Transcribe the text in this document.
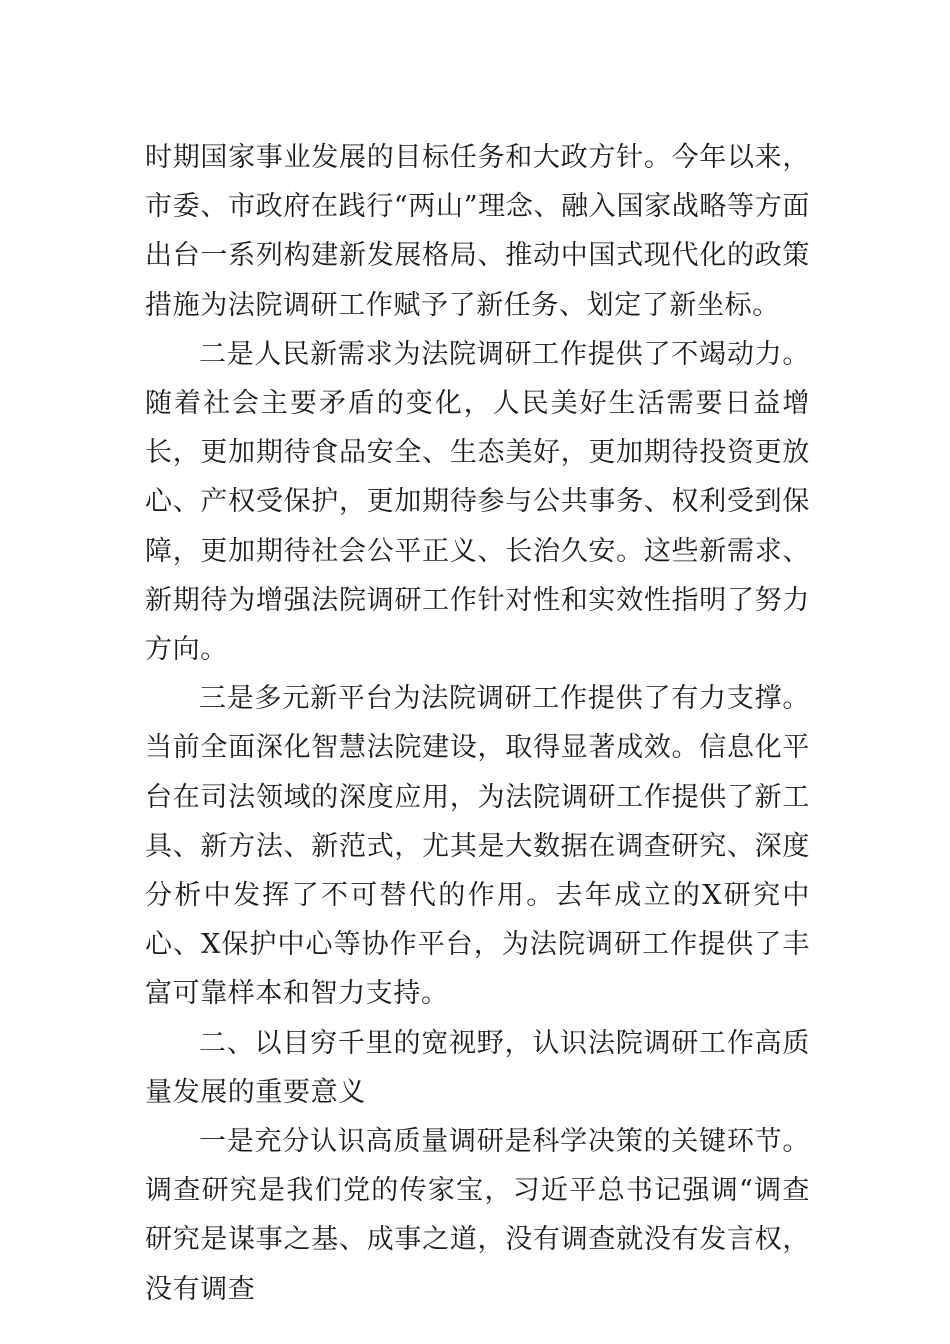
时期国家事业发展的目标任务和大政方针。今年以来，市委、市政府在践行“两山”理念、融入国家战略等方面出台一系列构建新发展格局、推动中国式现代化的政策措施为法院调研工作赋予了新任务、划定了新坐标。

二是人民新需求为法院调研工作提供了不竭动力。随着社会主要矛盾的变化，人民美好生活需要日益增长，更加期待食品安全、生态美好，更加期待投资更放心、产权受保护，更加期待参与公共事务、权利受到保障，更加期待社会公平正义、长治久安。这些新需求、新期待为增强法院调研工作针对性和实效性指明了努力方向。

三是多元新平台为法院调研工作提供了有力支撑。当前全面深化智慧法院建设，取得显著成效。信息化平台在司法领域的深度应用，为法院调研工作提供了新工具、新方法、新范式，尤其是大数据在调查研究、深度分析中发挥了不可替代的作用。去年成立的X研究中心、X保护中心等协作平台，为法院调研工作提供了丰富可靠样本和智力支持。

二、以目穷千里的宽视野，认识法院调研工作高质量发展的重要意义

一是充分认识高质量调研是科学决策的关键环节。调查研究是我们党的传家宝，习近平总书记强调“调查研究是谋事之基、成事之道，没有调查就没有发言权，没有调查
